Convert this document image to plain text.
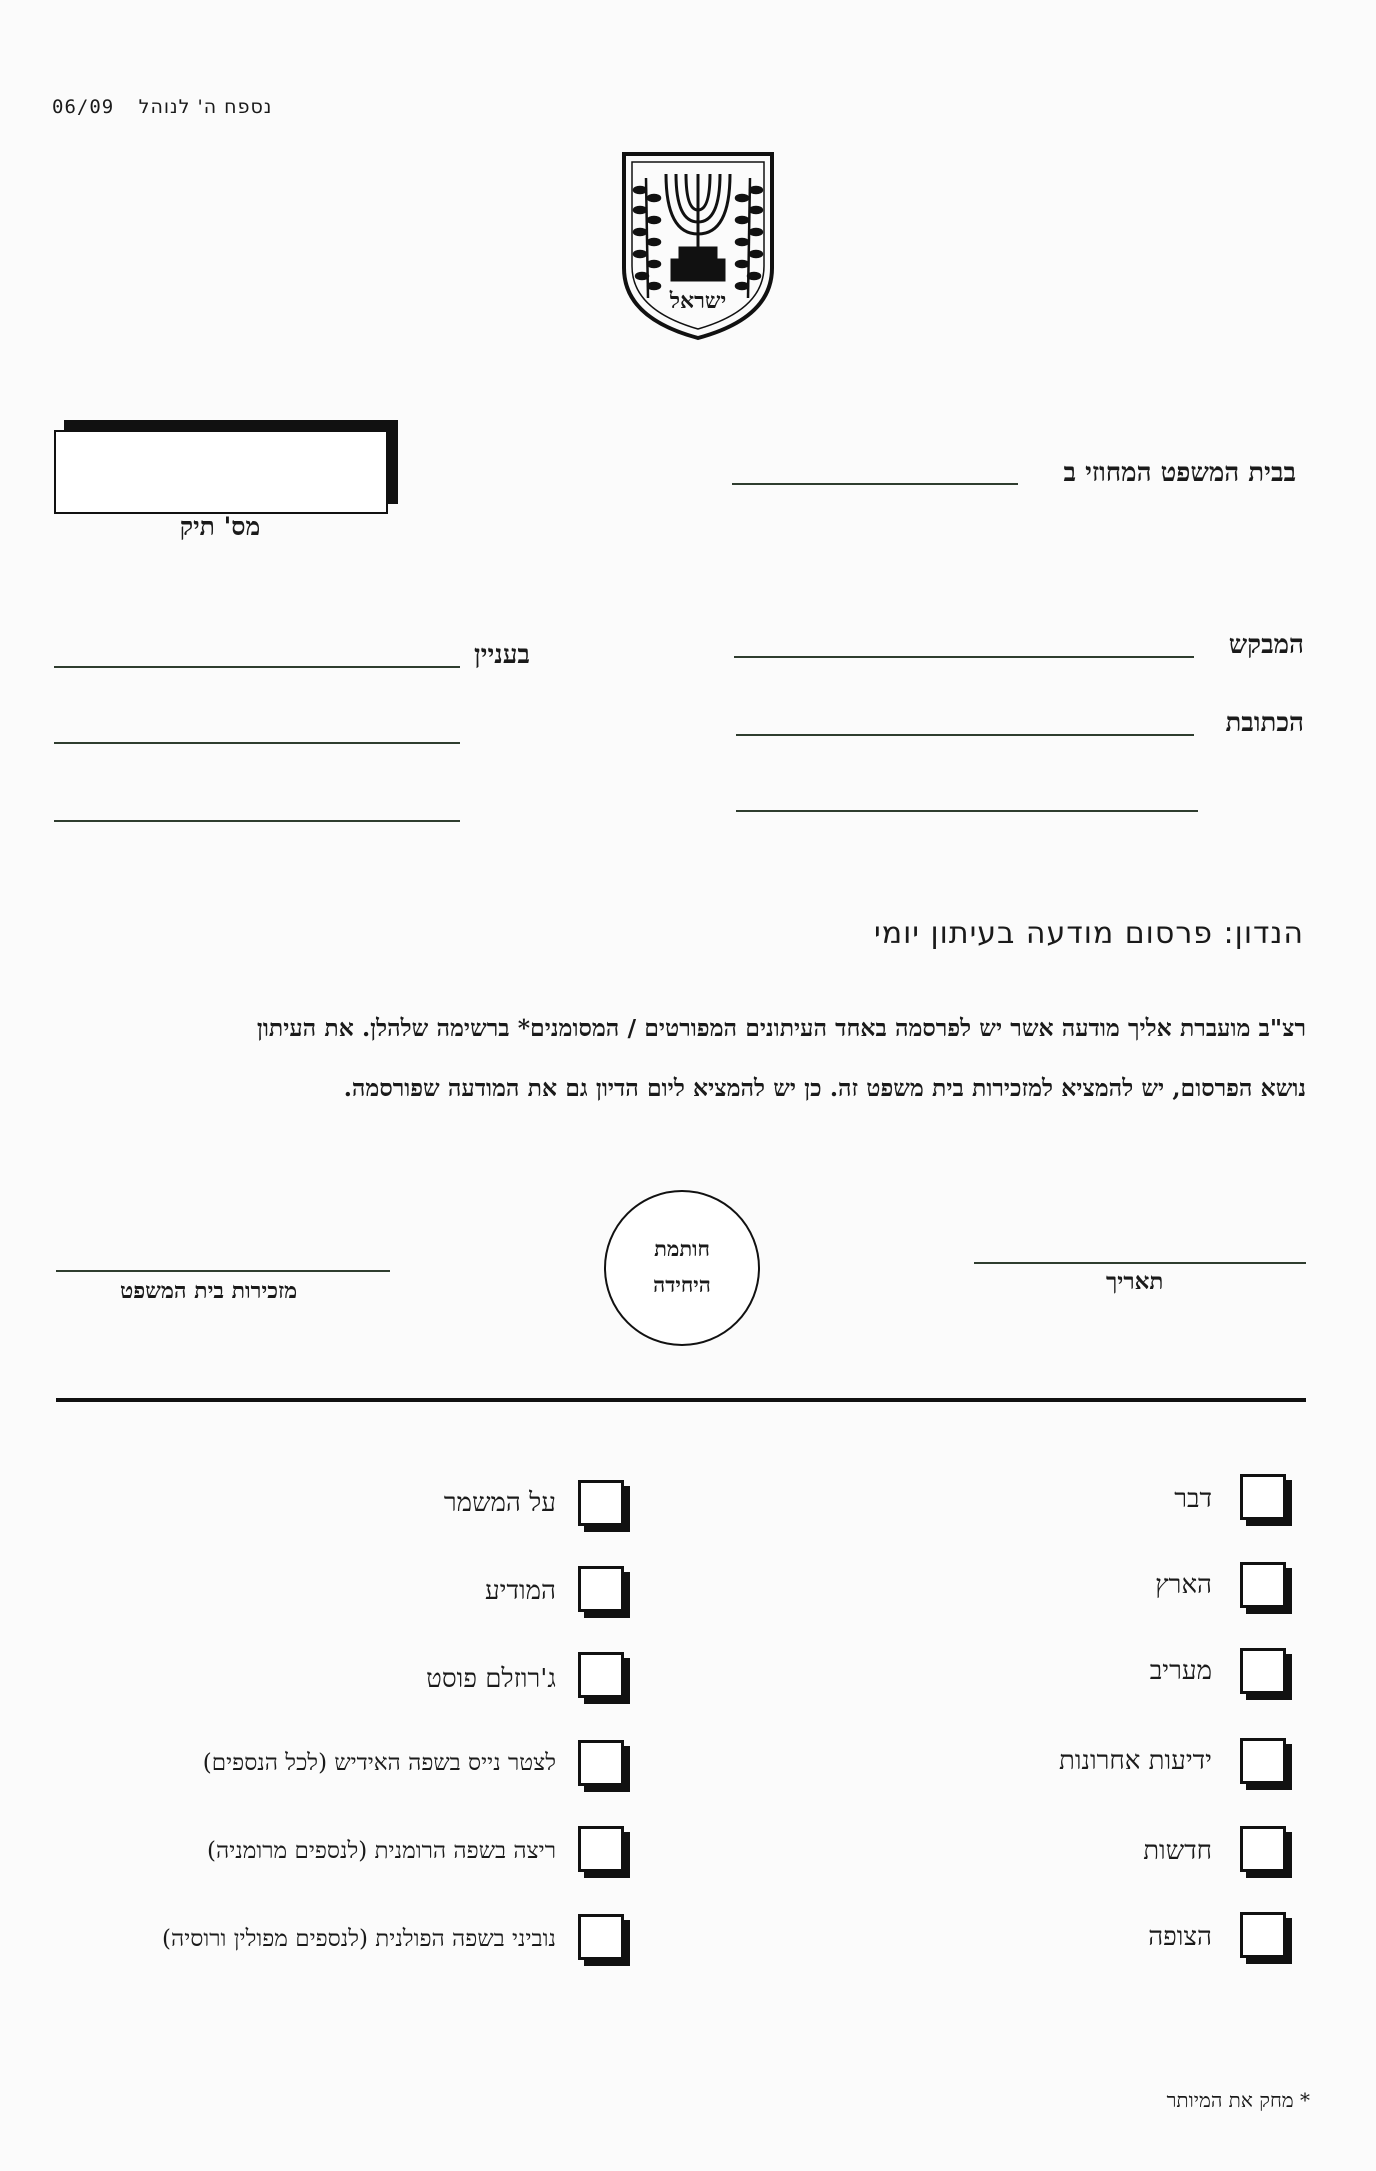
06/09 נספח ה' לנוהל
ישראל
מס' תיק
בבית המשפט המחוזי ב
המבקש
הכתובת
בעניין
הנדון: פרסום מודעה בעיתון יומי
רצ"ב מועברת אליך מודעה אשר יש לפרסמה באחד העיתונים המפורטים / המסומנים* ברשימה שלהלן. את העיתון
נושא הפרסום, יש להמציא למזכירות בית משפט זה. כן יש להמציא ליום הדיון גם את המודעה שפורסמה.
תאריך
חותמת
היחידה
מזכירות בית המשפט
דבר
הארץ
מעריב
ידיעות אחרונות
חדשות
הצופה
על המשמר
המודיע
ג'רוזלם פוסט
לצטר נייס בשפה האידיש (לכל הנספים)
ריצה בשפה הרומנית (לנספים מרומניה)
נוביני בשפה הפולנית (לנספים מפולין ורוסיה)
* מחק את המיותר
